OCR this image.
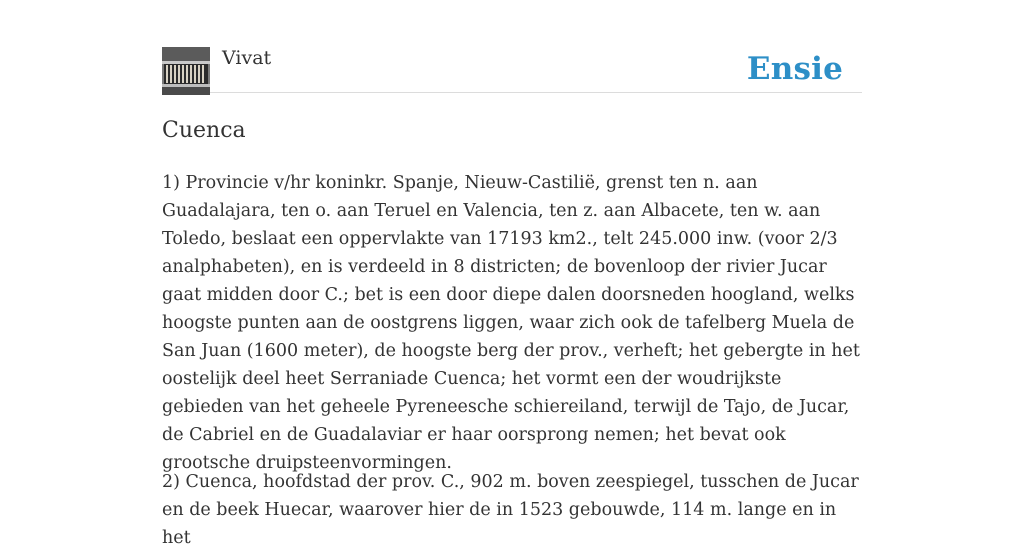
Vivat	Ensie
Cuenca

1) Provincie v/hr koninkr. Spanje, Nieuw-Castilië, grenst ten n. aan Guadalajara, ten o. aan Teruel en Valencia, ten z. aan Albacete, ten w. aan Toledo, beslaat een oppervlakte van 17193 km2., telt 245.000 inw. (voor 2/3 analphabeten), en is verdeeld in 8 districten; de bovenloop der rivier Jucar gaat midden door C.; bet is een door diepe dalen doorsneden hoogland, welks hoogste punten aan de oostgrens liggen, waar zich ook de tafelberg Muela de San Juan (1600 meter), de hoogste berg der prov., verheft; het gebergte in het oostelijk deel heet Serraniade Cuenca; het vormt een der woudrijkste gebieden van het geheele Pyreneesche schiereiland, terwijl de Tajo, de Jucar, de Cabriel en de Guadalaviar er haar oorsprong nemen; het bevat ook grootsche druipsteenvormingen.

2) Cuenca, hoofdstad der prov. C., 902 m. boven zeespiegel, tusschen de Jucar en de beek Huecar, waarover hier de in 1523 gebouwde, 114 m. lange en in het
